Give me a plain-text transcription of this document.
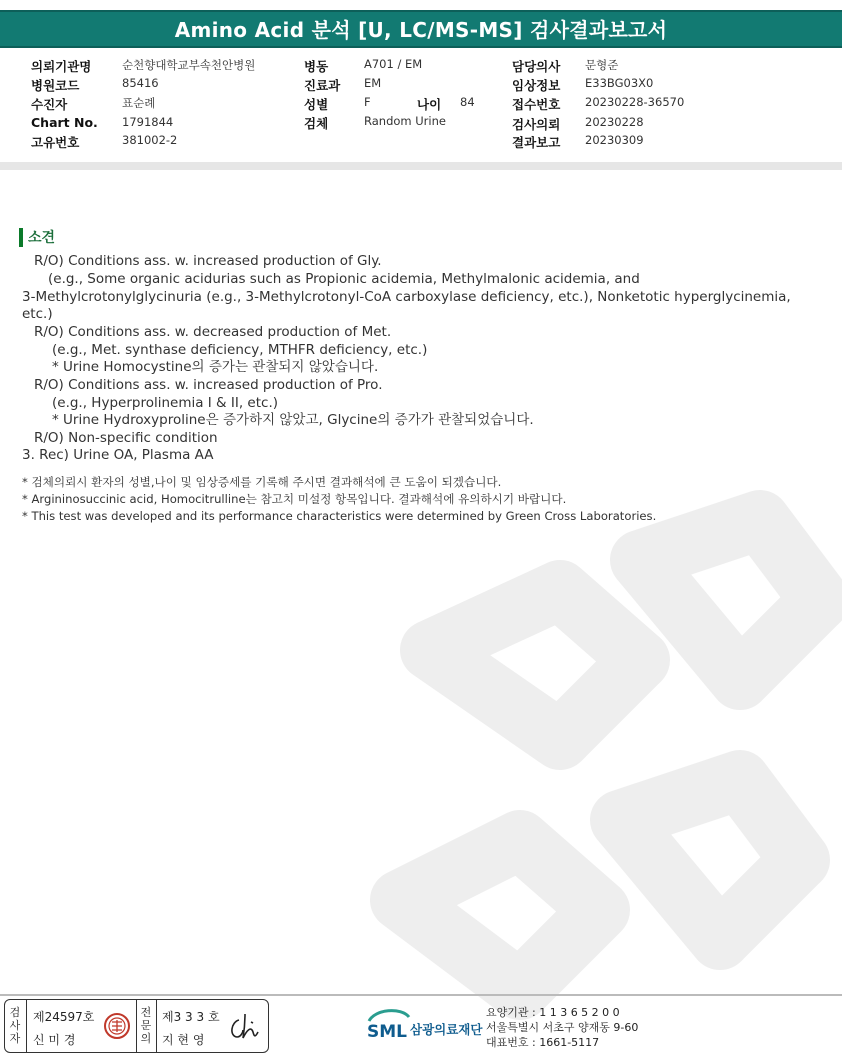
Amino Acid 분석 [U, LC/MS-MS] 검사결과보고서
의뢰기관명	순천향대학교부속천안병원
병원코드	85416
수진자	표순례
Chart No. 1791844
고유번호	381002-2
병동	A701 / EM
진료과 EM
성별	F	나이 84
검체	Random Urine
담당의사 문형준
임상정보 E33BG03X0
접수번호 20230228-36570
검사의뢰 20230228
결과보고 20230309
소견
R/O) Conditions ass. w. increased production of Gly.
(e.g., Some organic acidurias such as Propionic acidemia, Methylmalonic acidemia, and
3-Methylcrotonylglycinuria (e.g., 3-Methylcrotonyl-CoA carboxylase deficiency, etc.), Nonketotic hyperglycinemia,
etc.)
R/O) Conditions ass. w. decreased production of Met.
(e.g., Met. synthase deficiency, MTHFR deficiency, etc.)
* Urine Homocystine의 증가는 관찰되지 않았습니다.
R/O) Conditions ass. w. increased production of Pro.
(e.g., Hyperprolinemia I & II, etc.)
* Urine Hydroxyproline은 증가하지 않았고, Glycine의 증가가 관찰되었습니다.
R/O) Non-specific condition
3. Rec) Urine OA, Plasma AA
* 검체의뢰시 환자의 성별,나이 및 임상증세를 기록해 주시면 결과해석에 큰 도움이 되겠습니다.
* Argininosuccinic acid, Homocitrulline는 참고치 미설정 항목입니다. 결과해석에 유의하시기 바랍니다.
* This test was developed and its performance characteristics were determined by Green Cross Laboratories.
검
사
자
제24597호
신 미 경
전
문
의
제3 3 3 호
지 현 영	SML 삼광의료재단
요양기관 : 1 1 3 6 5 2 0 0
서울특별시 서초구 양재동 9-60
대표번호 : 1661-5117
